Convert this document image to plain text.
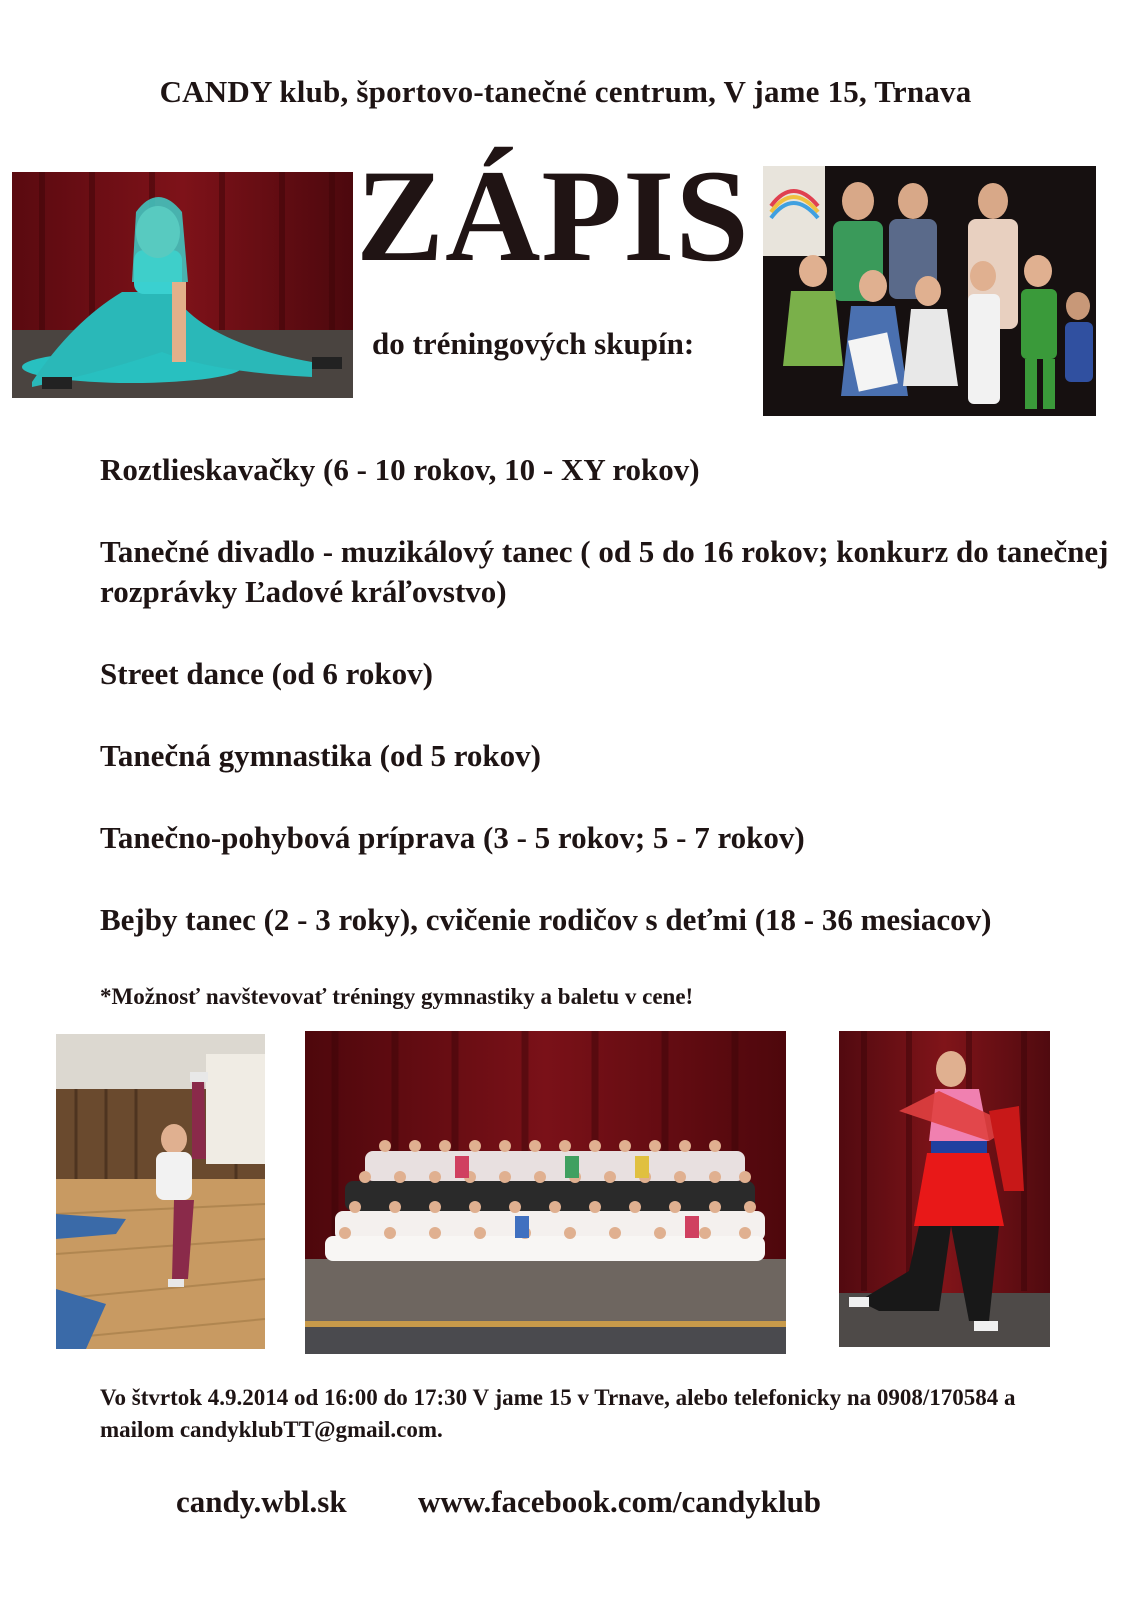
CANDY klub, športovo-tanečné centrum, V jame 15, Trnava
ZÁPIS
do tréningových skupín:
Roztlieskavačky (6 - 10 rokov, 10 - XY rokov)
Tanečné divadlo - muzikálový tanec ( od 5 do 16 rokov; konkurz do tanečnej rozprávky Ľadové kráľovstvo)
Street dance (od 6 rokov)
Tanečná gymnastika (od 5 rokov)
Tanečno-pohybová príprava (3 - 5 rokov; 5 - 7 rokov)
Bejby tanec (2 - 3 roky), cvičenie rodičov s deťmi (18 - 36 mesiacov)
*Možnosť navštevovať tréningy gymnastiky a baletu v cene!
Vo štvrtok 4.9.2014 od 16:00 do 17:30 V jame 15 v Trnave, alebo telefonicky na 0908/170584 a mailom candyklubTT@gmail.com.
candy.wbl.sk www.facebook.com/candyklub
